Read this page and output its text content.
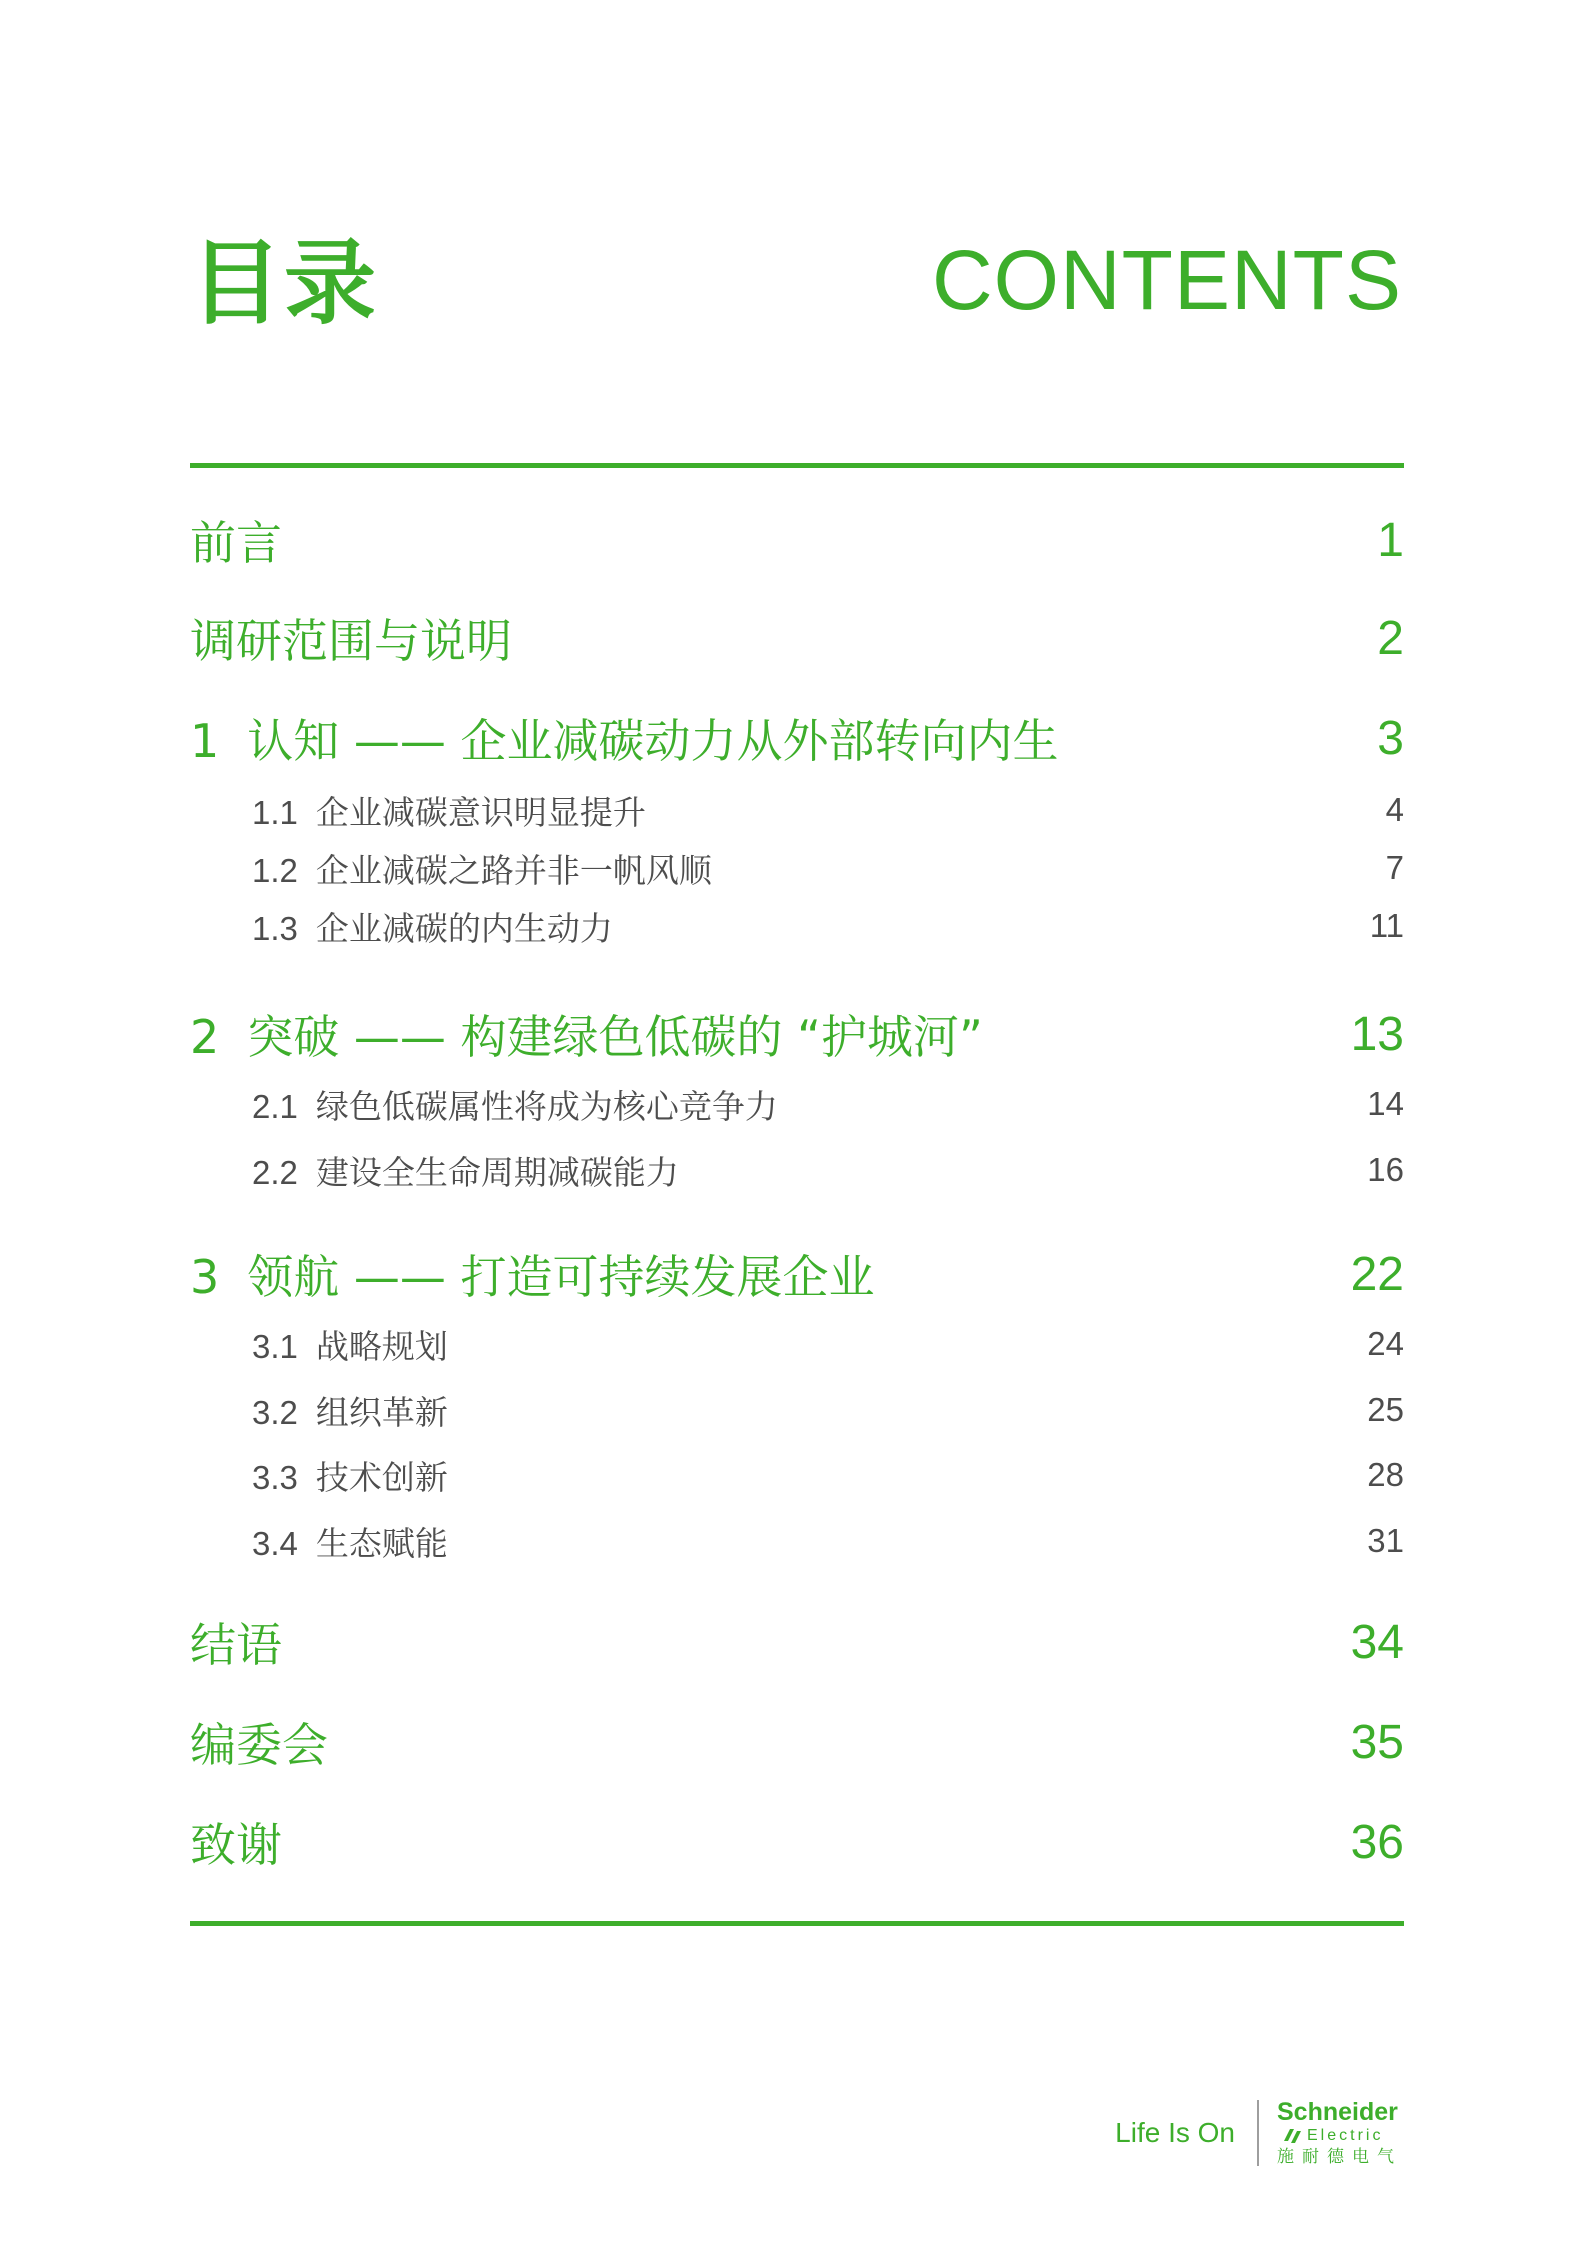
目录	CONTENTS
前言	1
调研范围与说明	2
1 认知 —— 企业减碳动力从外部转向内生	3
1.1 企业减碳意识明显提升	4
1.2 企业减碳之路并非一帆风顺	7
1.3 企业减碳的内生动力	11
2 突破 —— 构建绿色低碳的 “护城河”	13
2.1 绿色低碳属性将成为核心竞争力	14
2.2 建设全生命周期减碳能力	16
3 领航 —— 打造可持续发展企业	22
3.1 战略规划	24
3.2 组织革新	25
3.3 技术创新	28
3.4 生态赋能	31
结语	34
编委会	35
致谢	36
Life Is On
Schneider
Electric
施耐德电气
